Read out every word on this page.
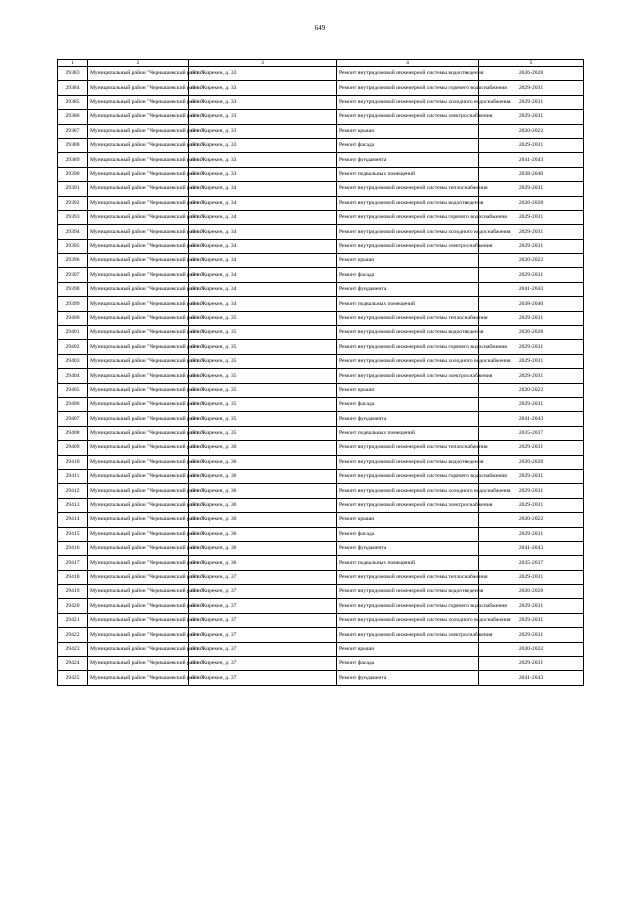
649
1	2	3	4	5
29383	Муниципальный район "Чернышевский район"	пгт. Жирекен, д. 33	Ремонт внутридомовой инженерной системы водоотведения	2026-2028
29384	Муниципальный район "Чернышевский район"	пгт. Жирекен, д. 33	Ремонт внутридомовой инженерной системы горячего водоснабжения	2029-2031
29385	Муниципальный район "Чернышевский район"	пгт. Жирекен, д. 33	Ремонт внутридомовой инженерной системы холодного водоснабжения	2029-2031
29386	Муниципальный район "Чернышевский район"	пгт. Жирекен, д. 33	Ремонт внутридомовой инженерной системы электроснабжения	2029-2031
29387	Муниципальный район "Чернышевский район"	пгт. Жирекен, д. 33	Ремонт крыши	2020-2022
29388	Муниципальный район "Чернышевский район"	пгт. Жирекен, д. 33	Ремонт фасада	2029-2031
29389	Муниципальный район "Чернышевский район"	пгт. Жирекен, д. 33	Ремонт фундамента	2041-2043
29390	Муниципальный район "Чернышевский район"	пгт. Жирекен, д. 33	Ремонт подвальных помещений	2038-2040
29391	Муниципальный район "Чернышевский район"	пгт. Жирекен, д. 34	Ремонт внутридомовой инженерной системы теплоснабжения	2029-2031
29392	Муниципальный район "Чернышевский район"	пгт. Жирекен, д. 34	Ремонт внутридомовой инженерной системы водоотведения	2026-2028
29393	Муниципальный район "Чернышевский район"	пгт. Жирекен, д. 34	Ремонт внутридомовой инженерной системы горячего водоснабжения	2029-2031
29394	Муниципальный район "Чернышевский район"	пгт. Жирекен, д. 34	Ремонт внутридомовой инженерной системы холодного водоснабжения	2029-2031
29395	Муниципальный район "Чернышевский район"	пгт. Жирекен, д. 34	Ремонт внутридомовой инженерной системы электроснабжения	2029-2031
29396	Муниципальный район "Чернышевский район"	пгт. Жирекен, д. 34	Ремонт крыши	2020-2022
29397	Муниципальный район "Чернышевский район"	пгт. Жирекен, д. 34	Ремонт фасада	2029-2031
29398	Муниципальный район "Чернышевский район"	пгт. Жирекен, д. 34	Ремонт фундамента	2041-2043
29399	Муниципальный район "Чернышевский район"	пгт. Жирекен, д. 34	Ремонт подвальных помещений	2038-2040
29400	Муниципальный район "Чернышевский район"	пгт. Жирекен, д. 35	Ремонт внутридомовой инженерной системы теплоснабжения	2029-2031
29401	Муниципальный район "Чернышевский район"	пгт. Жирекен, д. 35	Ремонт внутридомовой инженерной системы водоотведения	2026-2028
29402	Муниципальный район "Чернышевский район"	пгт. Жирекен, д. 35	Ремонт внутридомовой инженерной системы горячего водоснабжения	2029-2031
29403	Муниципальный район "Чернышевский район"	пгт. Жирекен, д. 35	Ремонт внутридомовой инженерной системы холодного водоснабжения	2029-2031
29404	Муниципальный район "Чернышевский район"	пгт. Жирекен, д. 35	Ремонт внутридомовой инженерной системы электроснабжения	2029-2031
29405	Муниципальный район "Чернышевский район"	пгт. Жирекен, д. 35	Ремонт крыши	2020-2022
29406	Муниципальный район "Чернышевский район"	пгт. Жирекен, д. 35	Ремонт фасада	2029-2031
29407	Муниципальный район "Чернышевский район"	пгт. Жирекен, д. 35	Ремонт фундамента	2041-2043
29408	Муниципальный район "Чернышевский район"	пгт. Жирекен, д. 35	Ремонт подвальных помещений	2035-2037
29409	Муниципальный район "Чернышевский район"	пгт. Жирекен, д. 36	Ремонт внутридомовой инженерной системы теплоснабжения	2029-2031
29410	Муниципальный район "Чернышевский район"	пгт. Жирекен, д. 36	Ремонт внутридомовой инженерной системы водоотведения	2026-2028
29411	Муниципальный район "Чернышевский район"	пгт. Жирекен, д. 36	Ремонт внутридомовой инженерной системы горячего водоснабжения	2029-2031
29412	Муниципальный район "Чернышевский район"	пгт. Жирекен, д. 36	Ремонт внутридомовой инженерной системы холодного водоснабжения	2029-2031
29413	Муниципальный район "Чернышевский район"	пгт. Жирекен, д. 36	Ремонт внутридомовой инженерной системы электроснабжения	2029-2031
29414	Муниципальный район "Чернышевский район"	пгт. Жирекен, д. 36	Ремонт крыши	2020-2022
29415	Муниципальный район "Чернышевский район"	пгт. Жирекен, д. 36	Ремонт фасада	2029-2031
29416	Муниципальный район "Чернышевский район"	пгт. Жирекен, д. 36	Ремонт фундамента	2041-2043
29417	Муниципальный район "Чернышевский район"	пгт. Жирекен, д. 36	Ремонт подвальных помещений	2035-2037
29418	Муниципальный район "Чернышевский район"	пгт. Жирекен, д. 37	Ремонт внутридомовой инженерной системы теплоснабжения	2029-2031
29419	Муниципальный район "Чернышевский район"	пгт. Жирекен, д. 37	Ремонт внутридомовой инженерной системы водоотведения	2026-2028
29420	Муниципальный район "Чернышевский район"	пгт. Жирекен, д. 37	Ремонт внутридомовой инженерной системы горячего водоснабжения	2029-2031
29421	Муниципальный район "Чернышевский район"	пгт. Жирекен, д. 37	Ремонт внутридомовой инженерной системы холодного водоснабжения	2029-2031
29422	Муниципальный район "Чернышевский район"	пгт. Жирекен, д. 37	Ремонт внутридомовой инженерной системы электроснабжения	2029-2031
29423	Муниципальный район "Чернышевский район"	пгт. Жирекен, д. 37	Ремонт крыши	2020-2022
29424	Муниципальный район "Чернышевский район"	пгт. Жирекен, д. 37	Ремонт фасада	2029-2031
29425	Муниципальный район "Чернышевский район"	пгт. Жирекен, д. 37	Ремонт фундамента	2041-2043
